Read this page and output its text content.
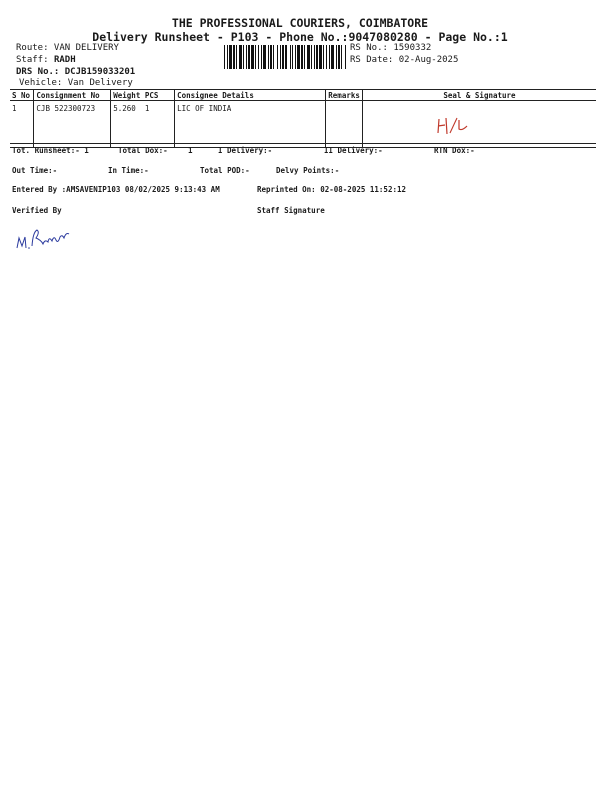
THE PROFESSIONAL COURIERS, COIMBATORE
Delivery Runsheet - P103 - Phone No.:9047080280 - Page No.:1
Route: VAN DELIVERY
Staff: RADH
DRS No.: DCJB159033201
Vehicle: Van Delivery
RS No.: 1590332
RS Date: 02-Aug-2025
S No	Consignment No	Weight PCS	Consignee Details	Remarks	Seal & Signature
1	CJB 522300723	5.260 1	LIC OF INDIA		
Tot. Runsheet:- 1	Total Dox:-	1	I Delivery:-	II Delivery:-	RTN Dox:-
Out Time:-	In Time:-	Total POD:-	Delvy Points:-
Entered By :AMSAVENIP103 08/02/2025 9:13:43 AM	Reprinted On: 02-08-2025 11:52:12
Verified By	Staff Signature
